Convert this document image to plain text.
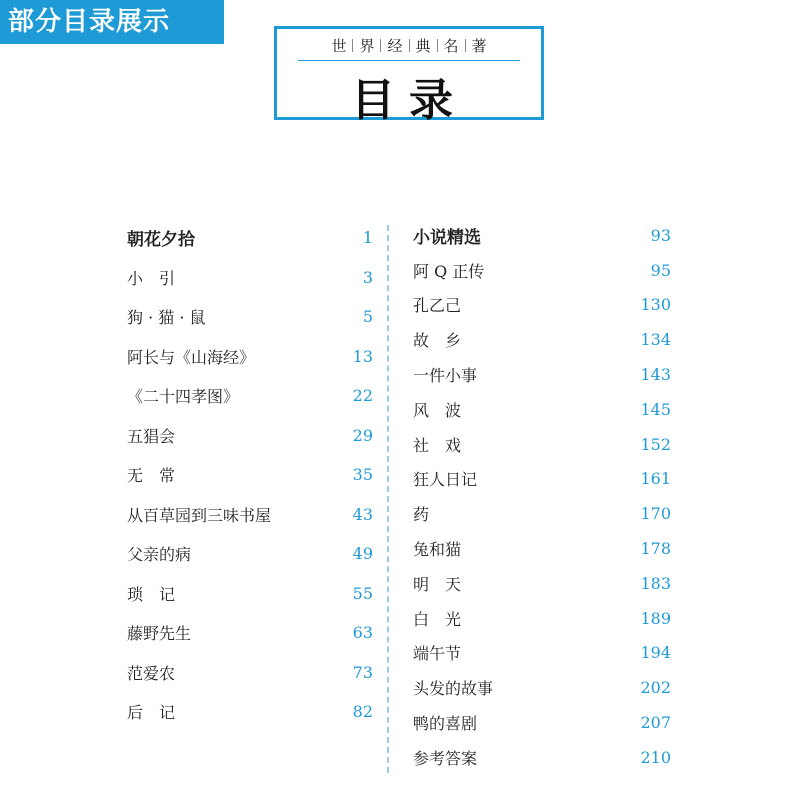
部分目录展示
世 界 经 典 名 著
目录
朝花夕拾	1
小　引	3
狗 · 猫 · 鼠	5
阿长与《山海经》	13
《二十四孝图》	22
五猖会	29
无　常	35
从百草园到三味书屋	43
父亲的病	49
琐　记	55
藤野先生	63
范爱农	73
后　记	82
小说精选	93
阿 Q 正传	95
孔乙己	130
故　乡	134
一件小事	143
风　波	145
社　戏	152
狂人日记	161
药	170
兔和猫	178
明　天	183
白　光	189
端午节	194
头发的故事	202
鸭的喜剧	207
参考答案	210
